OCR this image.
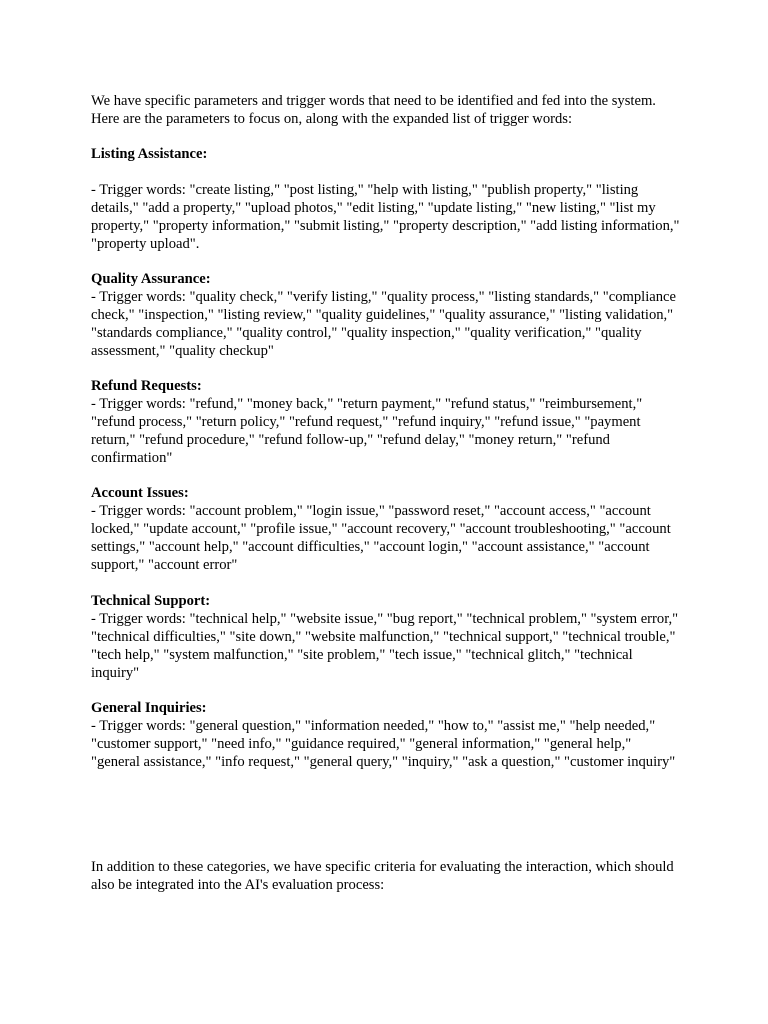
We have specific parameters and trigger words that need to be identified and fed into the system. Here are the parameters to focus on, along with the expanded list of trigger words:

Listing Assistance:

- Trigger words: "create listing," "post listing," "help with listing," "publish property," "listing details," "add a property," "upload photos," "edit listing," "update listing," "new listing," "list my property," "property information," "submit listing," "property description," "add listing information," "property upload".

Quality Assurance:

- Trigger words: "quality check," "verify listing," "quality process," "listing standards," "compliance check," "inspection," "listing review," "quality guidelines," "quality assurance," "listing validation," "standards compliance," "quality control," "quality inspection," "quality verification," "quality assessment," "quality checkup"

Refund Requests:

- Trigger words: "refund," "money back," "return payment," "refund status," "reimbursement," "refund process," "return policy," "refund request," "refund inquiry," "refund issue," "payment return," "refund procedure," "refund follow-up," "refund delay," "money return," "refund confirmation"

Account Issues:

- Trigger words: "account problem," "login issue," "password reset," "account access," "account locked," "update account," "profile issue," "account recovery," "account troubleshooting," "account settings," "account help," "account difficulties," "account login," "account assistance," "account support," "account error"

Technical Support:

- Trigger words: "technical help," "website issue," "bug report," "technical problem," "system error," "technical difficulties," "site down," "website malfunction," "technical support," "technical trouble," "tech help," "system malfunction," "site problem," "tech issue," "technical glitch," "technical inquiry"

General Inquiries:

- Trigger words: "general question," "information needed," "how to," "assist me," "help needed," "customer support," "need info," "guidance required," "general information," "general help," "general assistance," "info request," "general query," "inquiry," "ask a question," "customer inquiry"

In addition to these categories, we have specific criteria for evaluating the interaction, which should also be integrated into the AI's evaluation process:
